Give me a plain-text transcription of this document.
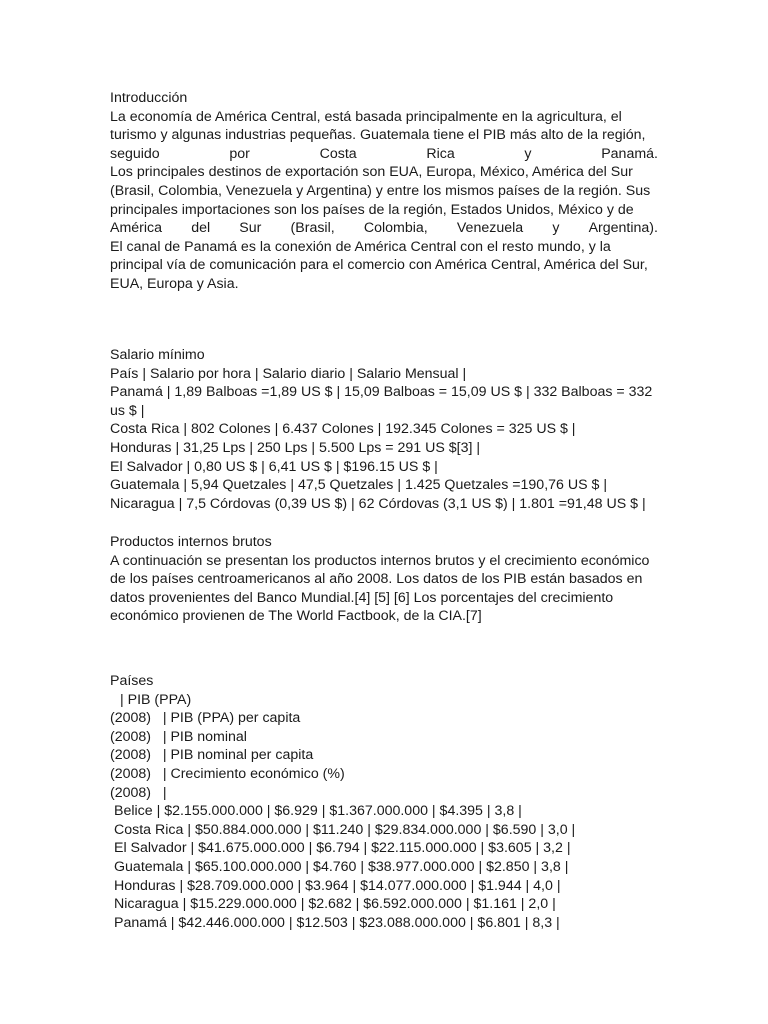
Introducción
La economía de América Central, está basada principalmente en la agricultura, el
turismo y algunas industrias pequeñas. Guatemala tiene el PIB más alto de la región,
seguido	por	Costa	Rica	y	Panamá.
Los principales destinos de exportación son EUA, Europa, México, América del Sur
(Brasil, Colombia, Venezuela y Argentina) y entre los mismos países de la región. Sus
principales importaciones son los países de la región, Estados Unidos, México y de
América del Sur (Brasil, Colombia, Venezuela y Argentina).
El canal de Panamá es la conexión de América Central con el resto mundo, y la
principal vía de comunicación para el comercio con América Central, América del Sur,
EUA, Europa y Asia.
Salario mínimo
País | Salario por hora | Salario diario | Salario Mensual |
Panamá | 1,89 Balboas =1,89 US $ | 15,09 Balboas = 15,09 US $ | 332 Balboas = 332
us $ |
Costa Rica | 802 Colones | 6.437 Colones | 192.345 Colones = 325 US $ |
Honduras | 31,25 Lps | 250 Lps | 5.500 Lps = 291 US $[3] |
El Salvador | 0,80 US $ | 6,41 US $ | $196.15 US $ |
Guatemala | 5,94 Quetzales | 47,5 Quetzales | 1.425 Quetzales =190,76 US $ |
Nicaragua | 7,5 Córdovas (0,39 US $) | 62 Córdovas (3,1 US $) | 1.801 =91,48 US $ |
Productos internos brutos
A continuación se presentan los productos internos brutos y el crecimiento económico
de los países centroamericanos al año 2008. Los datos de los PIB están basados en
datos provenientes del Banco Mundial.[4] [5] [6] Los porcentajes del crecimiento
económico provienen de The World Factbook, de la CIA.[7]
Países
| PIB (PPA)
(2008)   | PIB (PPA) per capita
(2008)   | PIB nominal
(2008)   | PIB nominal per capita
(2008)   | Crecimiento económico (%)
(2008)   |
Belice | $2.155.000.000 | $6.929 | $1.367.000.000 | $4.395 | 3,8 |
Costa Rica | $50.884.000.000 | $11.240 | $29.834.000.000 | $6.590 | 3,0 |
El Salvador | $41.675.000.000 | $6.794 | $22.115.000.000 | $3.605 | 3,2 |
Guatemala | $65.100.000.000 | $4.760 | $38.977.000.000 | $2.850 | 3,8 |
Honduras | $28.709.000.000 | $3.964 | $14.077.000.000 | $1.944 | 4,0 |
Nicaragua | $15.229.000.000 | $2.682 | $6.592.000.000 | $1.161 | 2,0 |
Panamá | $42.446.000.000 | $12.503 | $23.088.000.000 | $6.801 | 8,3 |
